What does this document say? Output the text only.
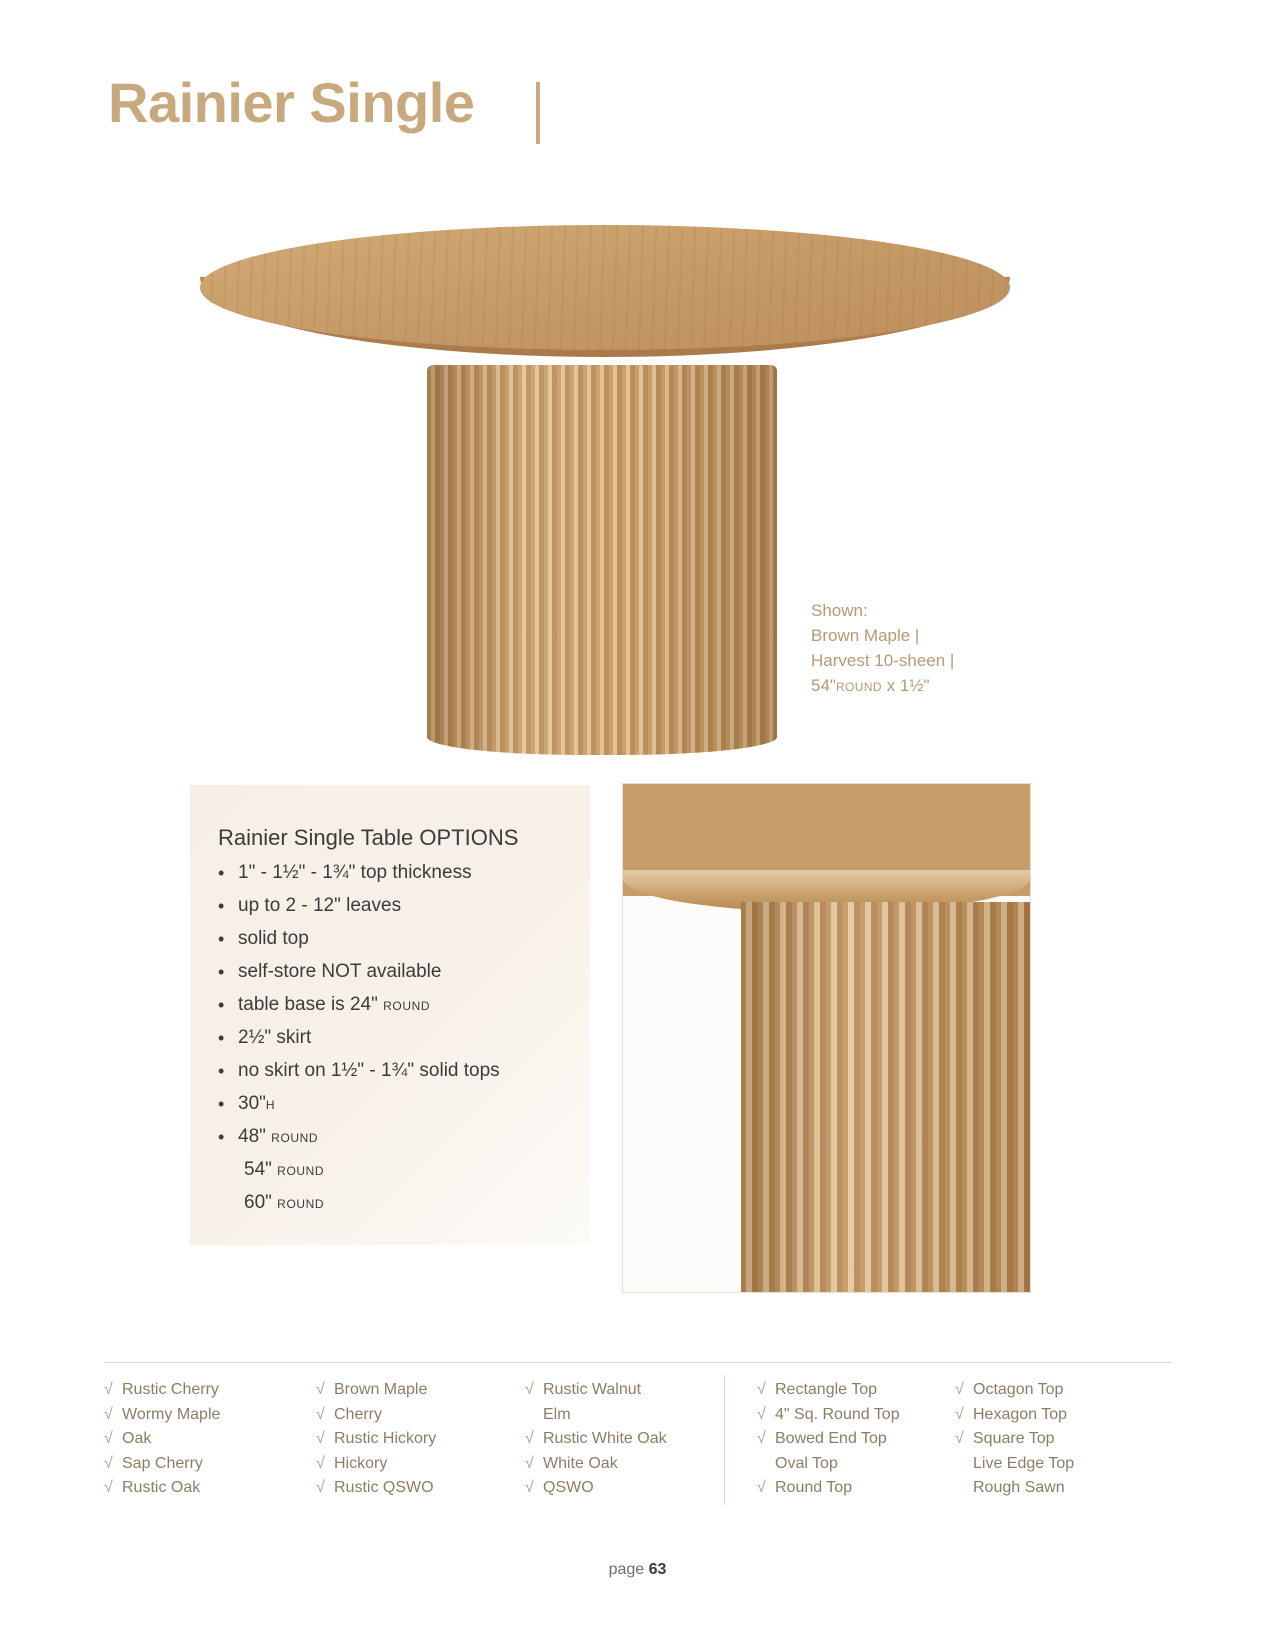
Rainier Single
Shown:
Brown Maple |
Harvest 10-sheen |
54"ROUND x 1½"
Rainier Single Table OPTIONS
• 1" - 1½" - 1¾" top thickness
• up to 2 - 12" leaves
• solid top
• self-store NOT available
• table base is 24" ROUND
• 2½" skirt
• no skirt on 1½" - 1¾" solid tops
• 30"H
• 48" ROUND
54" ROUND
60" ROUND
√ Rustic Cherry
√ Wormy Maple
√ Oak
√ Sap Cherry
√ Rustic Oak
√ Brown Maple
√ Cherry
√ Rustic Hickory
√ Hickory
√ Rustic QSWO
√ Rustic Walnut
Elm
√ Rustic White Oak
√ White Oak
√ QSWO
√ Rectangle Top
√ 4" Sq. Round Top
√ Bowed End Top
Oval Top
√ Round Top
√ Octagon Top
√ Hexagon Top
√ Square Top
Live Edge Top
Rough Sawn
page 63
